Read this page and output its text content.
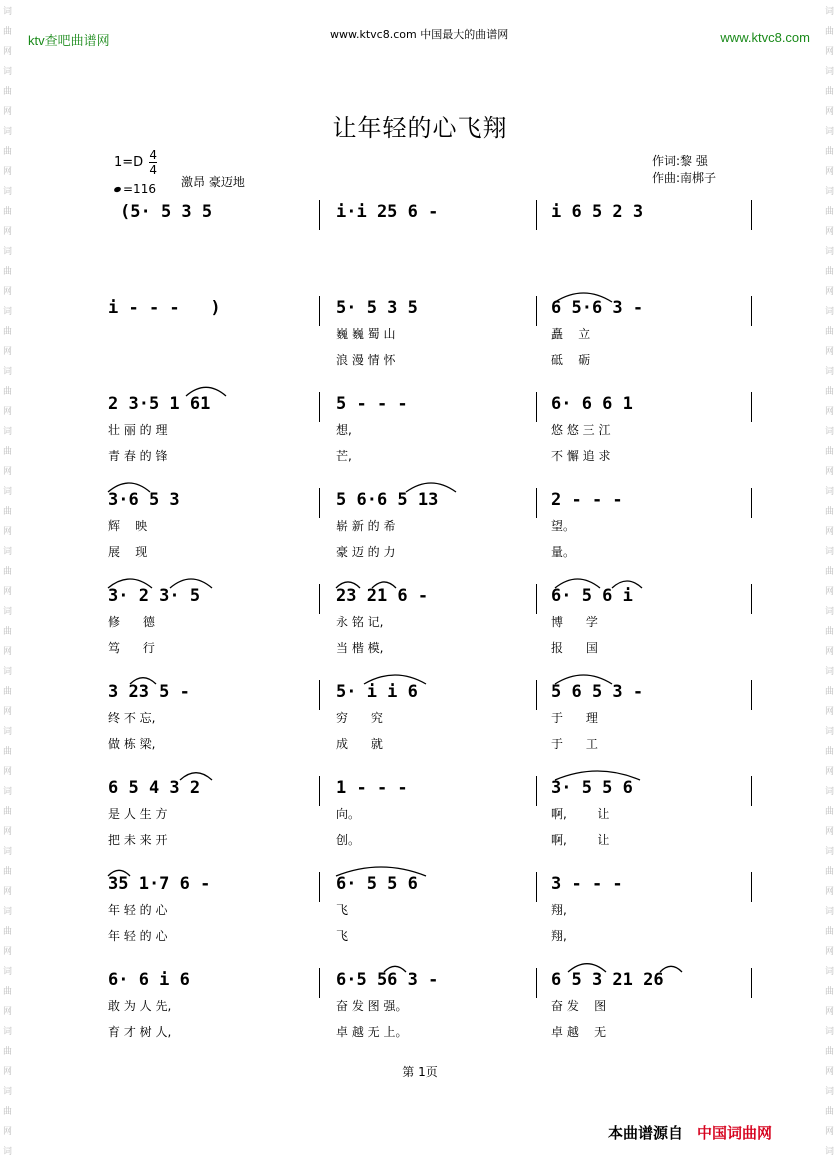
词
曲
网
词
曲
网
词
曲
网
词
曲
网
词
曲
网
词
曲
网
词
曲
网
词
曲
网
词
曲
网
词
曲
网
词
曲
网
词
曲
网
词
曲
网
词
曲
网
词
曲
网
词
曲
网
词
曲
网
词
曲
网
词
曲
网
词
词
曲
网
词
曲
网
词
曲
网
词
曲
网
词
曲
网
词
曲
网
词
曲
网
词
曲
网
词
曲
网
词
曲
网
词
曲
网
词
曲
网
词
曲
网
词
曲
网
词
曲
网
词
曲
网
词
曲
网
词
曲
网
词
曲
网
词
ktv查吧曲谱网	www.ktvc8.com 中国最大的曲谱网	www.ktvc8.com
让年轻的心飞翔
$1=D \frac{4}{4}$
=116 激昂 豪迈地
作词:黎 强
作曲:南梆子
(5· 5 3 5	i·i 25 6 -	i 6 5 2 3
i - - -   )	5· 5 3 5
巍 巍 蜀 山
浪 漫 情 怀
6 5·6 3 -
矗    立
砥    砺
2 3·5 1 61
壮 丽 的 理
青 春 的 锋
5 - - -
想,
芒,
6· 6 6 1
悠 悠 三 江
不 懈 追 求
3·6 5 3
辉    映
展    现
5 6·6 5 13
崭 新 的 希
豪 迈 的 力
2 - - -
望。
量。
3· 2 3· 5
修      德
笃      行
23 21 6 -
永 铭 记,
当 楷 模,
6· 5 6 i
博      学
报      国
3 23 5 -
终 不 忘,
做 栋 梁,
5· i i 6
穷      究
成      就
5 6 5 3 -
于      理
于      工
6 5 4 3 2
是 人 生 方
把 未 来 开
1 - - -
向。
创。
3· 5 5 6
啊,        让
啊,        让
35 1·7 6 -
年 轻 的 心
年 轻 的 心
6· 5 5 6
飞
飞
3 - - -
翔,
翔,
6· 6 i 6
敢 为 人 先,
育 才 树 人,
6·5 56 3 -
奋 发 图 强。
卓 越 无 上。
6 5 3 21 26
奋 发    图
卓 越    无
第 1页
本曲谱源自 中国词曲网
